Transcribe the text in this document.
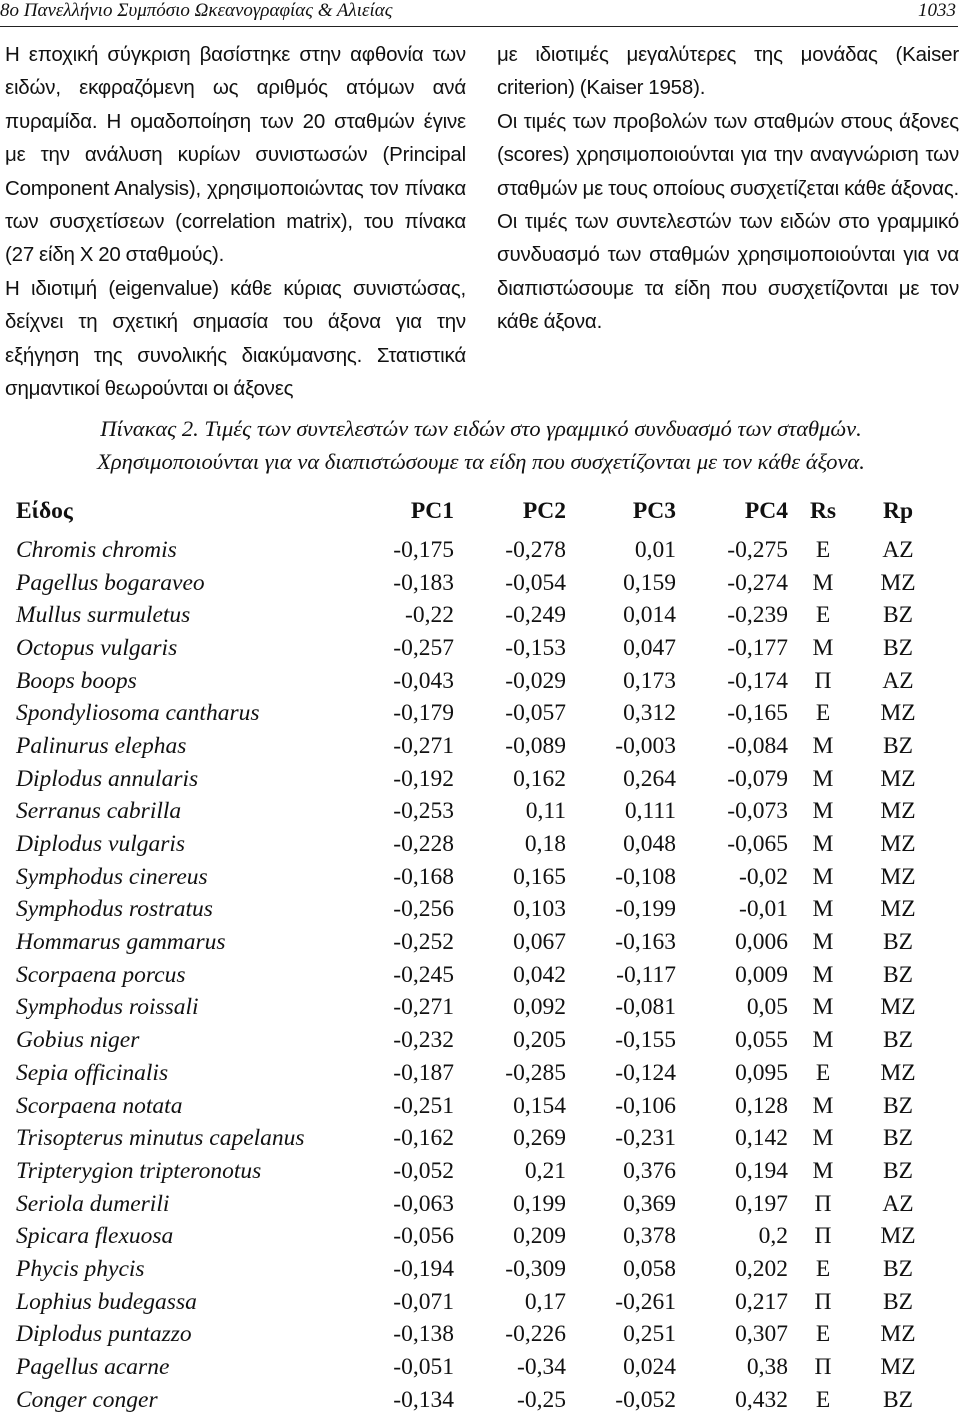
8ο Πανελλήνιο Συμπόσιο Ωκεανογραφίας & Αλιείας	1033

Η εποχική σύγκριση βασίστηκε στην αφθονία των ειδών, εκφραζόμενη ως αριθμός ατόμων ανά πυραμίδα. Η ομαδοποίηση των 20 σταθμών έγινε με την ανάλυση κυρίων συνιστωσών (Principal Component Analysis), χρησιμοποιώντας τον πίνακα των συσχετίσεων (correlation matrix), του πίνακα (27 είδη X 20 σταθμούς).

Η ιδιοτιμή (eigenvalue) κάθε κύριας συνιστώσας, δείχνει τη σχετική σημασία του άξονα για την εξήγηση της συνολικής διακύμανσης. Στατιστικά σημαντικοί θεωρούνται οι άξονες

με ιδιοτιμές μεγαλύτερες της μονάδας (Kaiser criterion) (Kaiser 1958).

Οι τιμές των προβολών των σταθμών στους άξονες (scores) χρησιμοποιούνται για την αναγνώριση των σταθμών με τους οποίους συσχετίζεται κάθε άξονας. Οι τιμές των συντελεστών των ειδών στο γραμμικό συνδυασμό των σταθμών χρησιμοποιούνται για να διαπιστώσουμε τα είδη που συσχετίζονται με τον κάθε άξονα.

Πίνακας 2. Τιμές των συντελεστών των ειδών στο γραμμικό συνδυασμό των σταθμών. Χρησιμοποιούνται για να διαπιστώσουμε τα είδη που συσχετίζονται με τον κάθε άξονα.
Είδος	PC1	PC2	PC3	PC4	Rs	Rp
Chromis chromis	-0,175	-0,278	0,01	-0,275	E	AZ
Pagellus bogaraveo	-0,183	-0,054	0,159	-0,274	M	MZ
Mullus surmuletus	-0,22	-0,249	0,014	-0,239	E	BZ
Octopus vulgaris	-0,257	-0,153	0,047	-0,177	M	BZ
Boops boops	-0,043	-0,029	0,173	-0,174	Π	AZ
Spondyliosoma cantharus	-0,179	-0,057	0,312	-0,165	E	MZ
Palinurus elephas	-0,271	-0,089	-0,003	-0,084	M	BZ
Diplodus annularis	-0,192	0,162	0,264	-0,079	M	MZ
Serranus cabrilla	-0,253	0,11	0,111	-0,073	M	MZ
Diplodus vulgaris	-0,228	0,18	0,048	-0,065	M	MZ
Symphodus cinereus	-0,168	0,165	-0,108	-0,02	M	MZ
Symphodus rostratus	-0,256	0,103	-0,199	-0,01	M	MZ
Hommarus gammarus	-0,252	0,067	-0,163	0,006	M	BZ
Scorpaena porcus	-0,245	0,042	-0,117	0,009	M	BZ
Symphodus roissali	-0,271	0,092	-0,081	0,05	M	MZ
Gobius niger	-0,232	0,205	-0,155	0,055	M	BZ
Sepia officinalis	-0,187	-0,285	-0,124	0,095	E	MZ
Scorpaena notata	-0,251	0,154	-0,106	0,128	M	BZ
Trisopterus minutus capelanus	-0,162	0,269	-0,231	0,142	M	BZ
Tripterygion tripteronotus	-0,052	0,21	0,376	0,194	M	BZ
Seriola dumerili	-0,063	0,199	0,369	0,197	Π	AZ
Spicara flexuosa	-0,056	0,209	0,378	0,2	Π	MZ
Phycis phycis	-0,194	-0,309	0,058	0,202	E	BZ
Lophius budegassa	-0,071	0,17	-0,261	0,217	Π	BZ
Diplodus puntazzo	-0,138	-0,226	0,251	0,307	E	MZ
Pagellus acarne	-0,051	-0,34	0,024	0,38	Π	MZ
Conger conger	-0,134	-0,25	-0,052	0,432	E	BZ
